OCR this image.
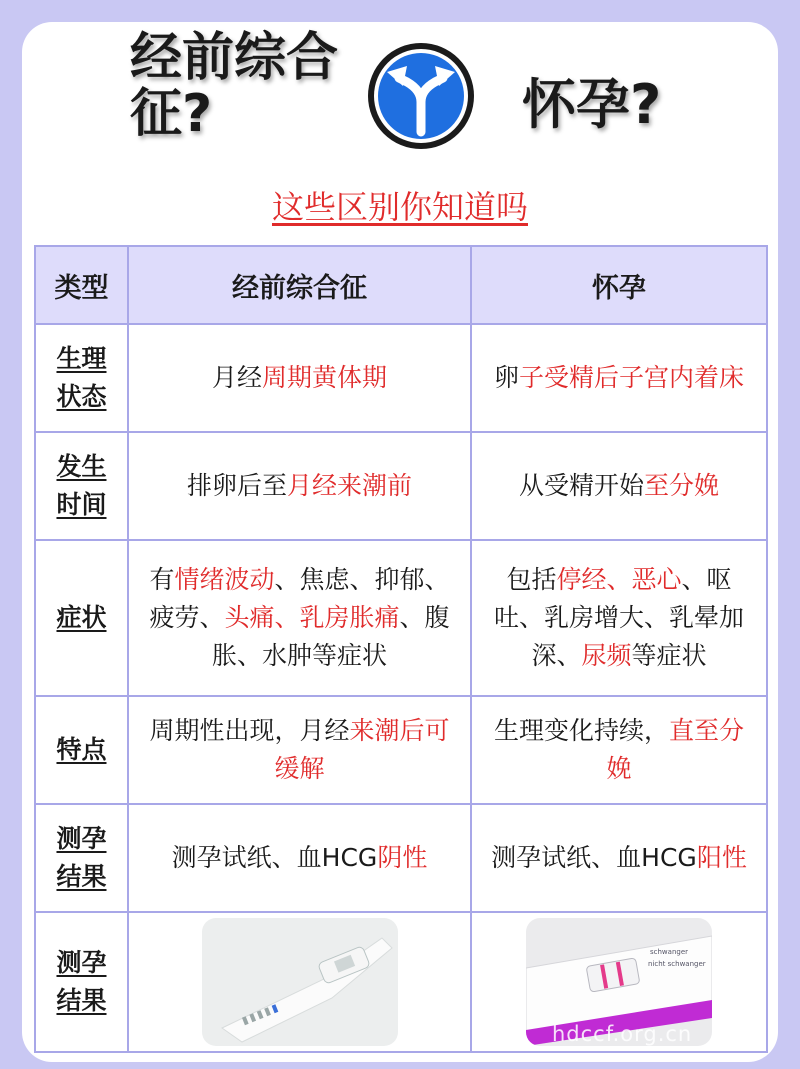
经前综合征?	怀孕?
这些区别你知道吗
类型	经前综合征	怀孕
生理
状态	月经周期黄体期	卵子受精后子宫内着床
发生
时间	排卵后至月经来潮前	从受精开始至分娩
症状	有情绪波动、焦虑、抑郁、疲劳、头痛、乳房胀痛、腹胀、水肿等症状	包括停经、恶心、呕吐、乳房增大、乳晕加深、尿频等症状
特点	周期性出现，月经来潮后可缓解	生理变化持续，直至分娩
测孕
结果	测孕试纸、血HCG阴性	测孕试纸、血HCG阳性
测孕
结果		schwanger
nicht schwanger
hdccf.org.cn
